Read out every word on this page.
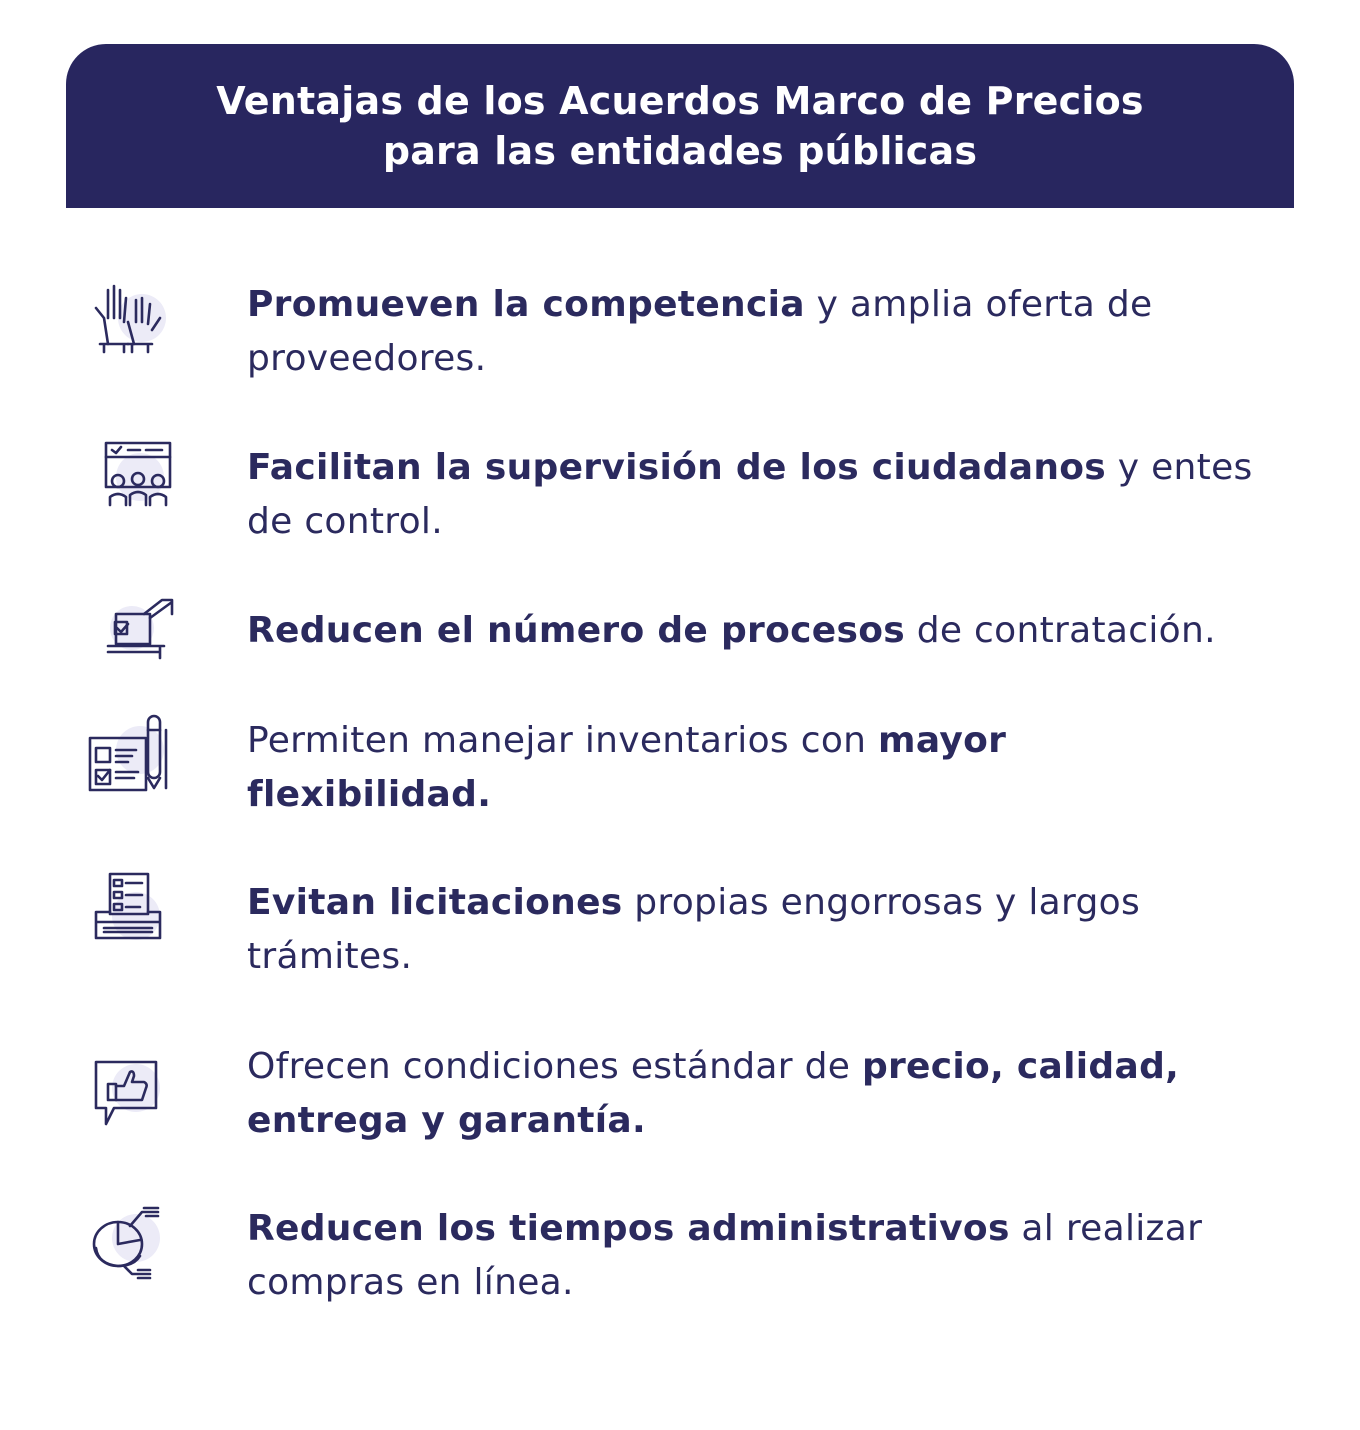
Ventajas de los Acuerdos Marco de Precios
para las entidades públicas
Promueven la competencia y amplia oferta de proveedores.
Facilitan la supervisión de los ciudadanos y entes de control.
Reducen el número de procesos de contratación.
Permiten manejar inventarios con mayor flexibilidad.
Evitan licitaciones propias engorrosas y largos trámites.
Ofrecen condiciones estándar de precio, calidad, entrega y garantía.
Reducen los tiempos administrativos al realizar compras en línea.
